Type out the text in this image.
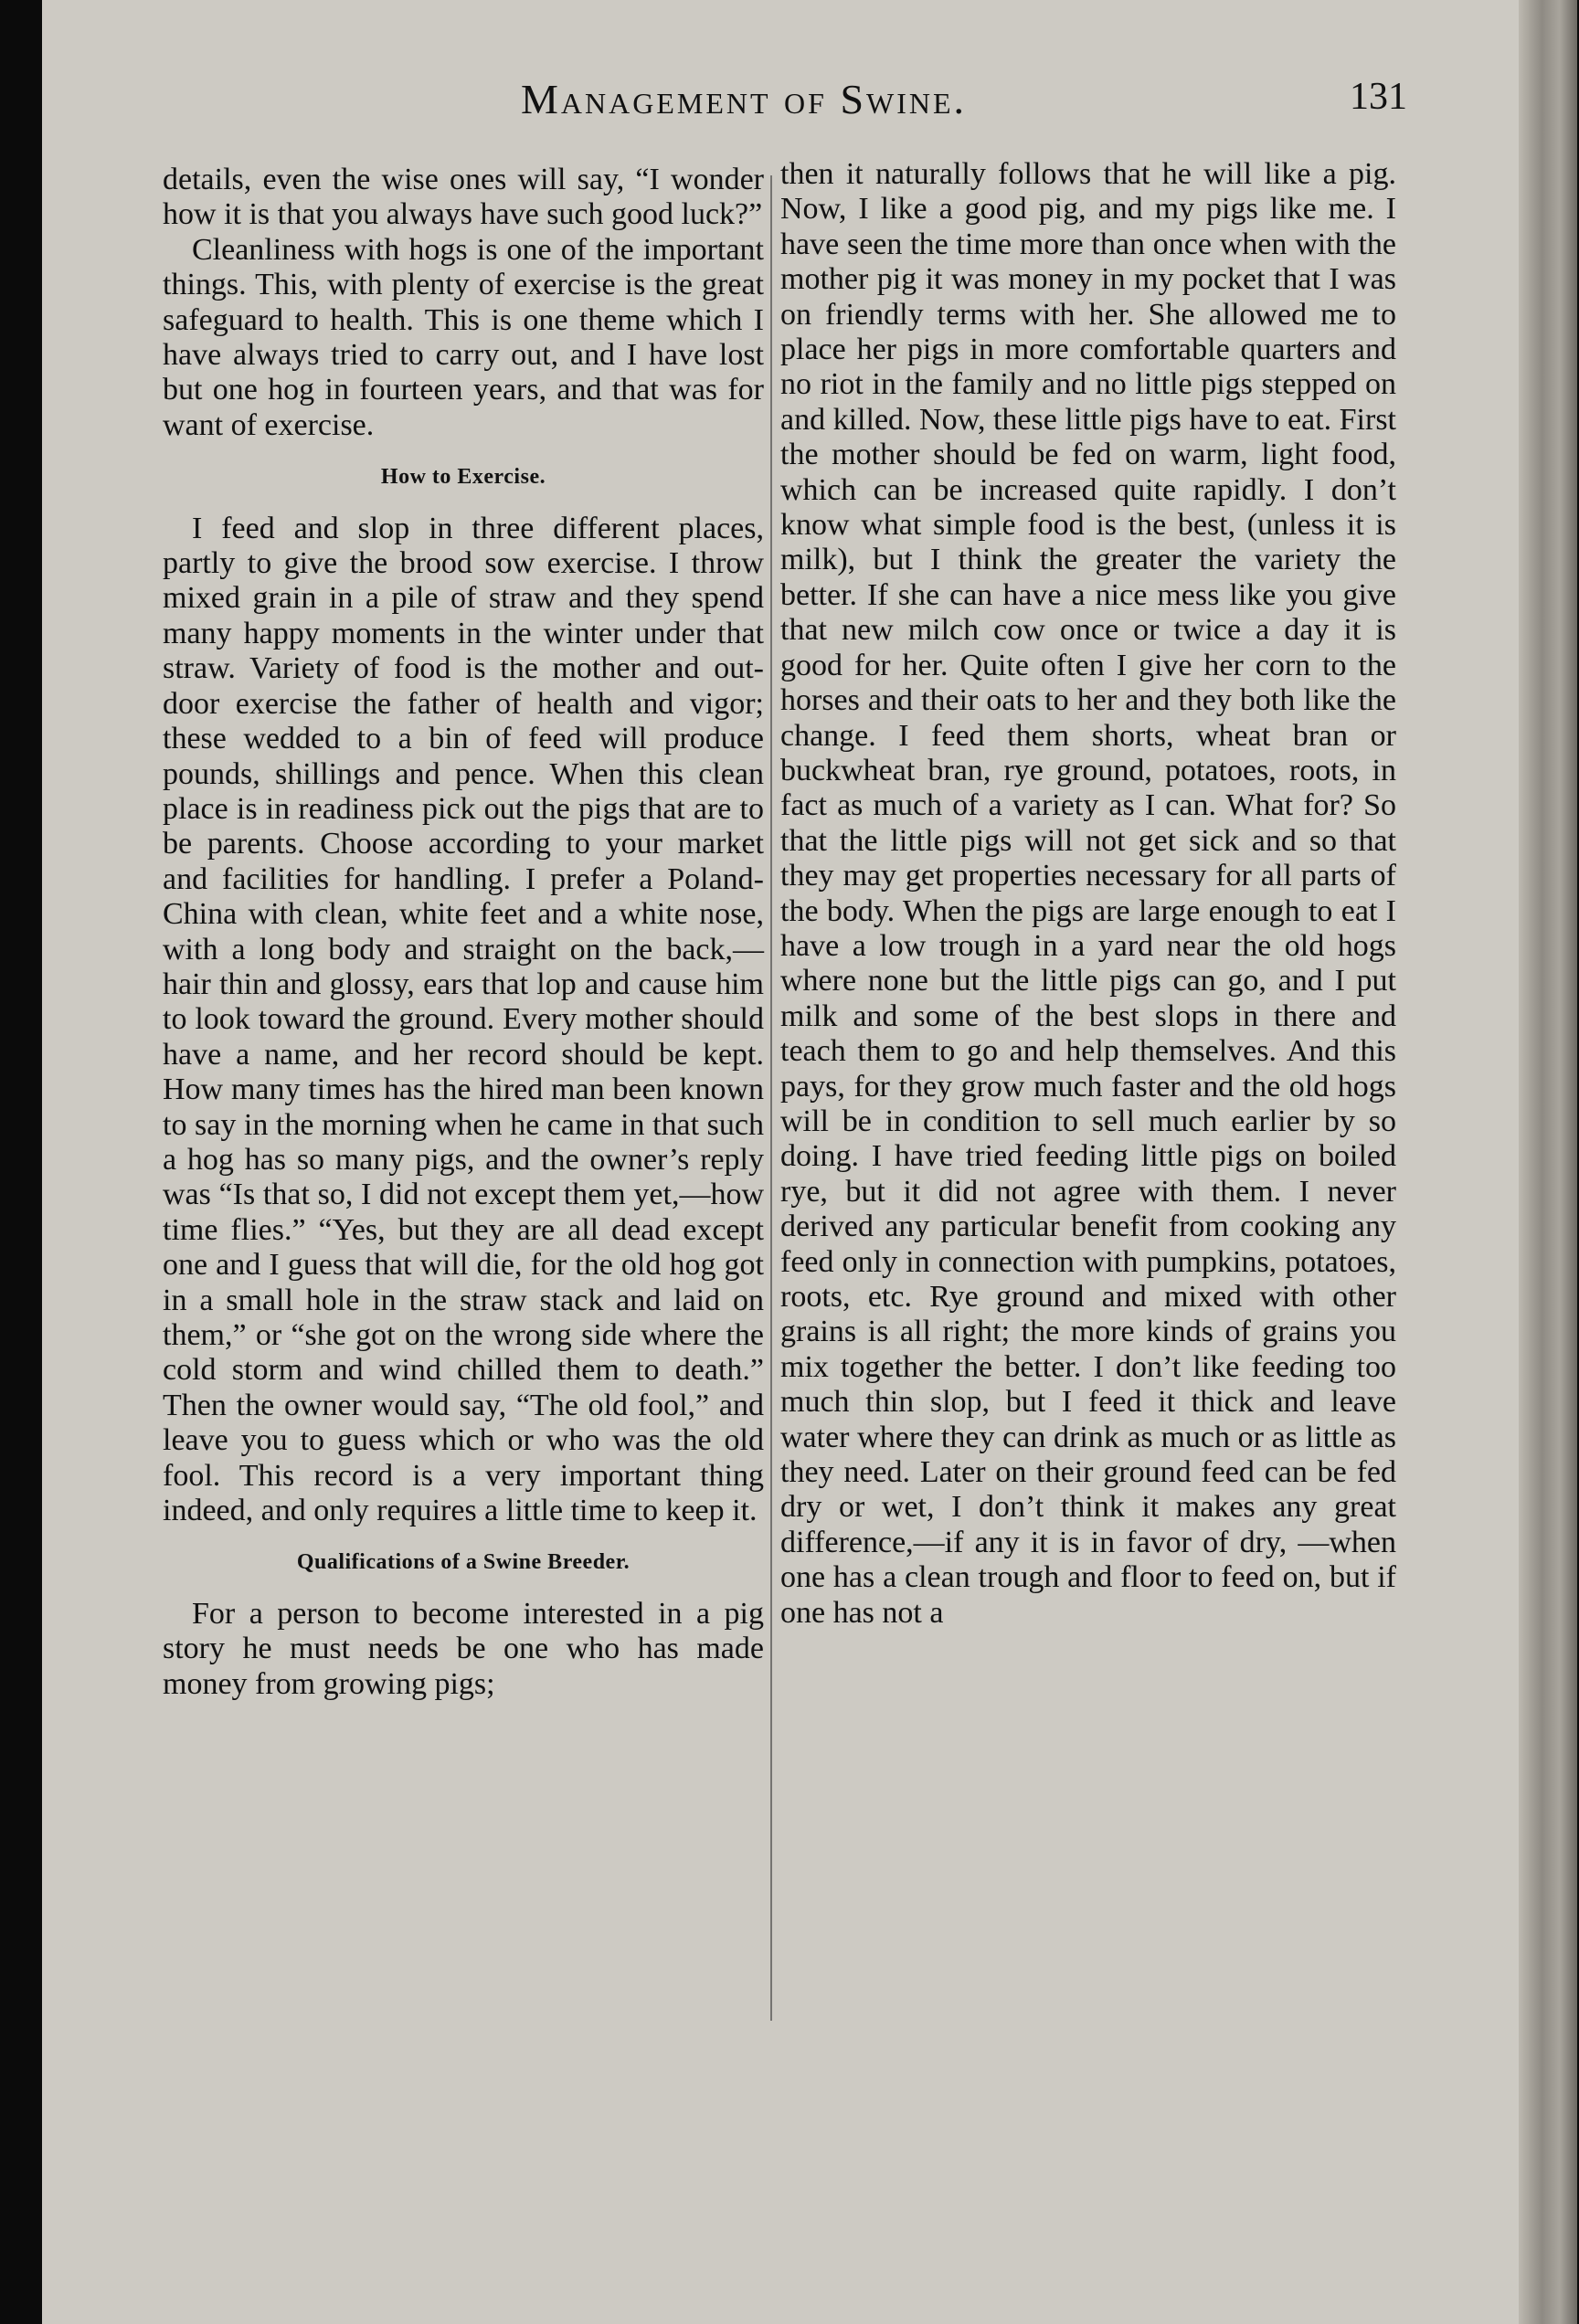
Management of Swine.	131

details, even the wise ones will say, “I wonder how it is that you always have such good luck?”

Cleanliness with hogs is one of the important things. This, with plenty of exercise is the great safeguard to health. This is one theme which I have always tried to carry out, and I have lost but one hog in fourteen years, and that was for want of exercise.

How to Exercise.

I feed and slop in three different places, partly to give the brood sow exercise. I throw mixed grain in a pile of straw and they spend many happy moments in the winter under that straw. Variety of food is the mother and out-door exercise the father of health and vigor; these wedded to a bin of feed will produce pounds, shillings and pence. When this clean place is in readiness pick out the pigs that are to be parents. Choose according to your market and facilities for handling. I prefer a Poland-China with clean, white feet and a white nose, with a long body and straight on the back,—hair thin and glossy, ears that lop and cause him to look toward the ground. Every mother should have a name, and her record should be kept. How many times has the hired man been known to say in the morning when he came in that such a hog has so many pigs, and the owner’s reply was “Is that so, I did not except them yet,—how time flies.” “Yes, but they are all dead except one and I guess that will die, for the old hog got in a small hole in the straw stack and laid on them,” or “she got on the wrong side where the cold storm and wind chilled them to death.” Then the owner would say, “The old fool,” and leave you to guess which or who was the old fool. This record is a very important thing indeed, and only requires a little time to keep it.

Qualifications of a Swine Breeder.

For a person to become interested in a pig story he must needs be one who has made money from growing pigs;

then it naturally follows that he will like a pig. Now, I like a good pig, and my pigs like me. I have seen the time more than once when with the mother pig it was money in my pocket that I was on friendly terms with her. She allowed me to place her pigs in more comfortable quarters and no riot in the family and no little pigs stepped on and killed. Now, these little pigs have to eat. First the mother should be fed on warm, light food, which can be increased quite rapidly. I don’t know what simple food is the best, (unless it is milk), but I think the greater the variety the better. If she can have a nice mess like you give that new milch cow once or twice a day it is good for her. Quite often I give her corn to the horses and their oats to her and they both like the change. I feed them shorts, wheat bran or buckwheat bran, rye ground, potatoes, roots, in fact as much of a variety as I can. What for? So that the little pigs will not get sick and so that they may get properties necessary for all parts of the body. When the pigs are large enough to eat I have a low trough in a yard near the old hogs where none but the little pigs can go, and I put milk and some of the best slops in there and teach them to go and help themselves. And this pays, for they grow much faster and the old hogs will be in condition to sell much earlier by so doing. I have tried feeding little pigs on boiled rye, but it did not agree with them. I never derived any particular benefit from cooking any feed only in connection with pumpkins, potatoes, roots, etc. Rye ground and mixed with other grains is all right; the more kinds of grains you mix together the better. I don’t like feeding too much thin slop, but I feed it thick and leave water where they can drink as much or as little as they need. Later on their ground feed can be fed dry or wet, I don’t think it makes any great difference,—if any it is in favor of dry, —when one has a clean trough and floor to feed on, but if one has not a
